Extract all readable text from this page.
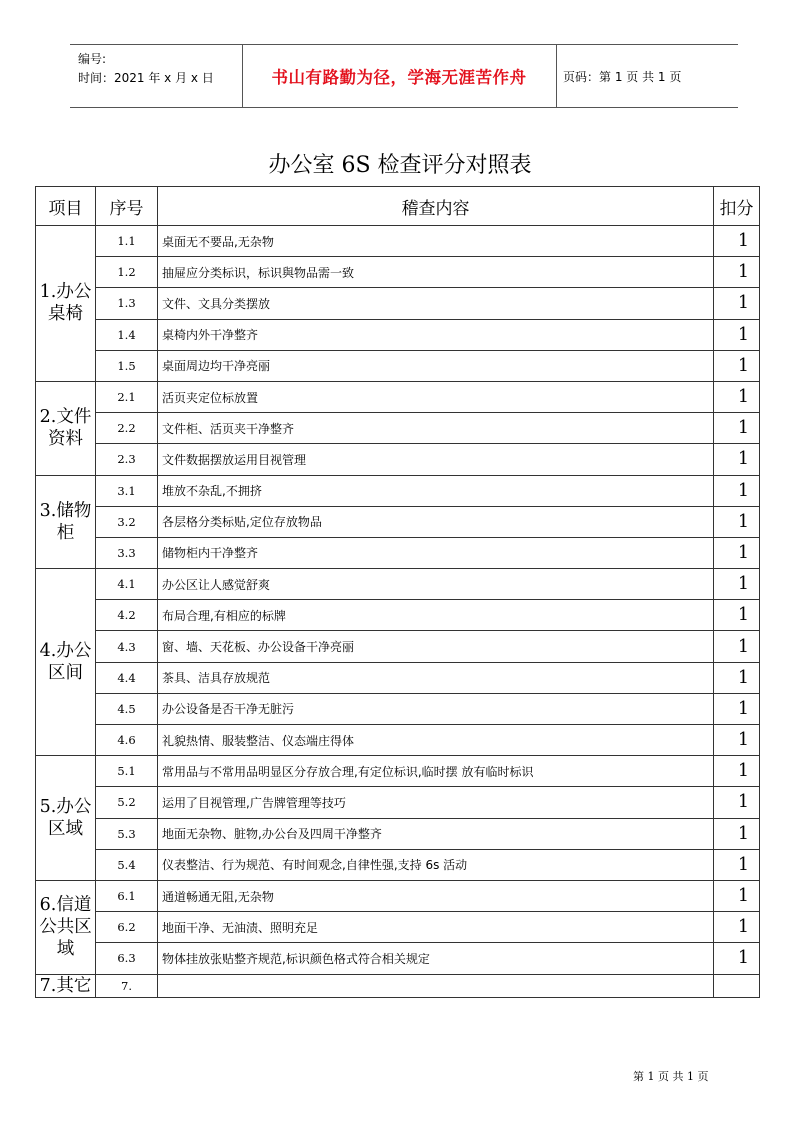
编号:
时间：2021 年 x 月 x 日	书山有路勤为径，学海无涯苦作舟	页码：第 1 页 共 1 页
办公室 6S 检查评分对照表
项目	序号	稽查内容	扣分
1.办公桌椅	1.1	桌面无不要品,无杂物	1
	1.2	抽屉应分类标识，标识與物品需一致	1
	1.3	文件、文具分类摆放	1
	1.4	桌椅内外干净整齐	1
	1.5	桌面周边均干净亮丽	1
2.文件资料	2.1	活页夹定位标放置	1
	2.2	文件柜、活页夹干净整齐	1
	2.3	文件数据摆放运用目视管理	1
3.储物柜	3.1	堆放不杂乱,不拥挤	1
	3.2	各层格分类标贴,定位存放物品	1
	3.3	储物柜内干净整齐	1
4.办公区间	4.1	办公区让人感觉舒爽	1
	4.2	布局合理,有相应的标牌	1
	4.3	窗、墙、天花板、办公设备干净亮丽	1
	4.4	茶具、洁具存放规范	1
	4.5	办公设备是否干净无脏污	1
	4.6	礼貌热情、服装整洁、仪态端庄得体	1
5.办公区域	5.1	常用品与不常用品明显区分存放合理,有定位标识,临时摆 放有临时标识	1
	5.2	运用了目视管理,广告牌管理等技巧	1
	5.3	地面无杂物、脏物,办公台及四周干净整齐	1
	5.4	仪表整洁、行为规范、有时间观念,自律性强,支持 6s 活动	1
6.信道公共区域	6.1	通道畅通无阻,无杂物	1
	6.2	地面干净、无油渍、照明充足	1
	6.3	物体挂放张贴整齐规范,标识颜色格式符合相关规定	1
7.其它	7.		
第 1 页 共 1 页
